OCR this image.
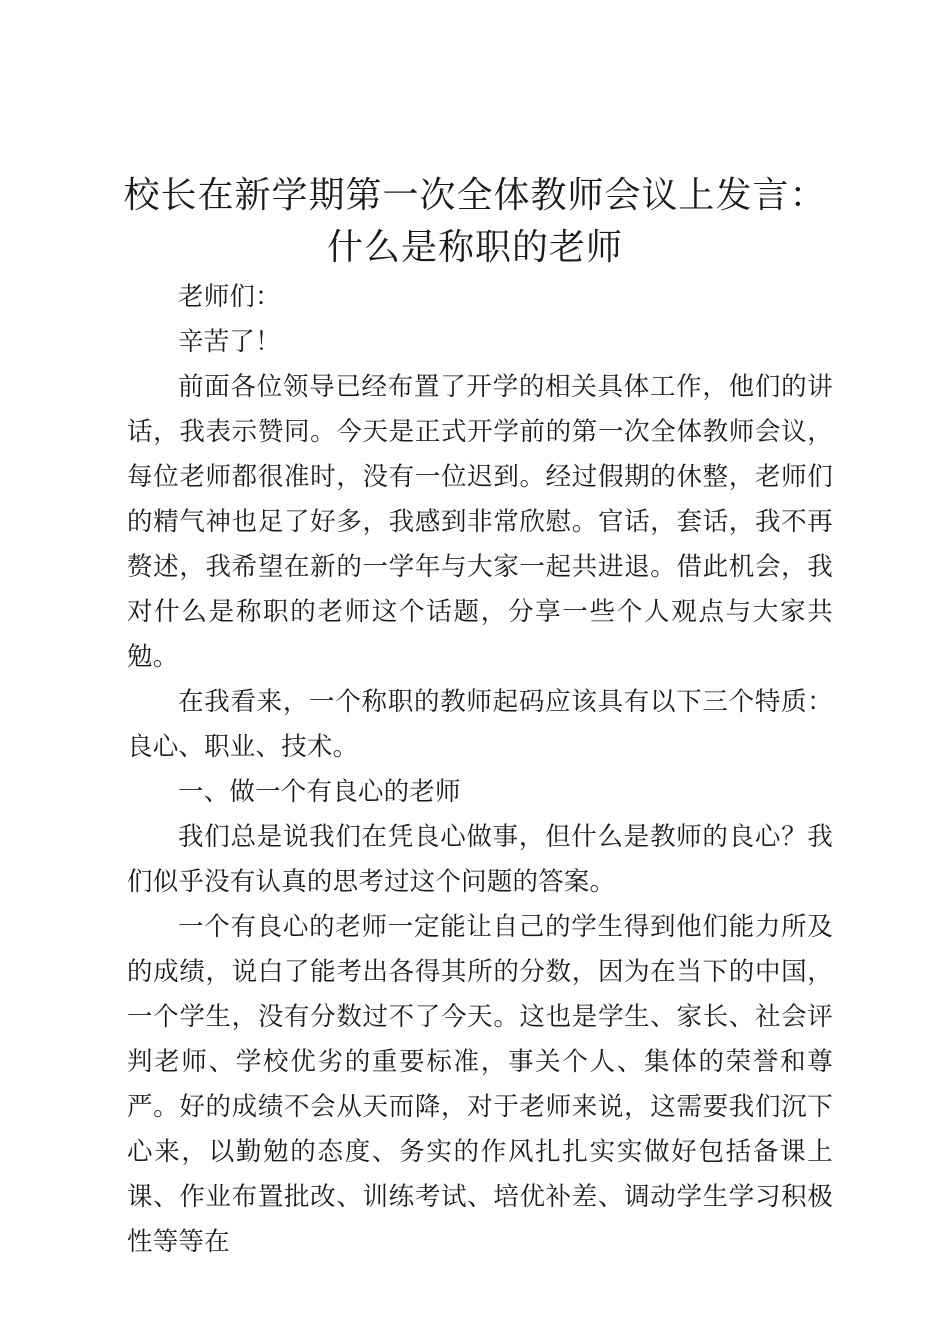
校长在新学期第一次全体教师会议上发言：什么是称职的老师

老师们：

辛苦了！

前面各位领导已经布置了开学的相关具体工作，他们的讲话，我表示赞同。今天是正式开学前的第一次全体教师会议，每位老师都很准时，没有一位迟到。经过假期的休整，老师们的精气神也足了好多，我感到非常欣慰。官话，套话，我不再赘述，我希望在新的一学年与大家一起共进退。借此机会，我对什么是称职的老师这个话题，分享一些个人观点与大家共勉。

在我看来，一个称职的教师起码应该具有以下三个特质：良心、职业、技术。

一、做一个有良心的老师

我们总是说我们在凭良心做事，但什么是教师的良心？我们似乎没有认真的思考过这个问题的答案。

一个有良心的老师一定能让自己的学生得到他们能力所及的成绩，说白了能考出各得其所的分数，因为在当下的中国，一个学生，没有分数过不了今天。这也是学生、家长、社会评判老师、学校优劣的重要标准，事关个人、集体的荣誉和尊严。好的成绩不会从天而降，对于老师来说，这需要我们沉下心来，以勤勉的态度、务实的作风扎扎实实做好包括备课上课、作业布置批改、训练考试、培优补差、调动学生学习积极性等等在
